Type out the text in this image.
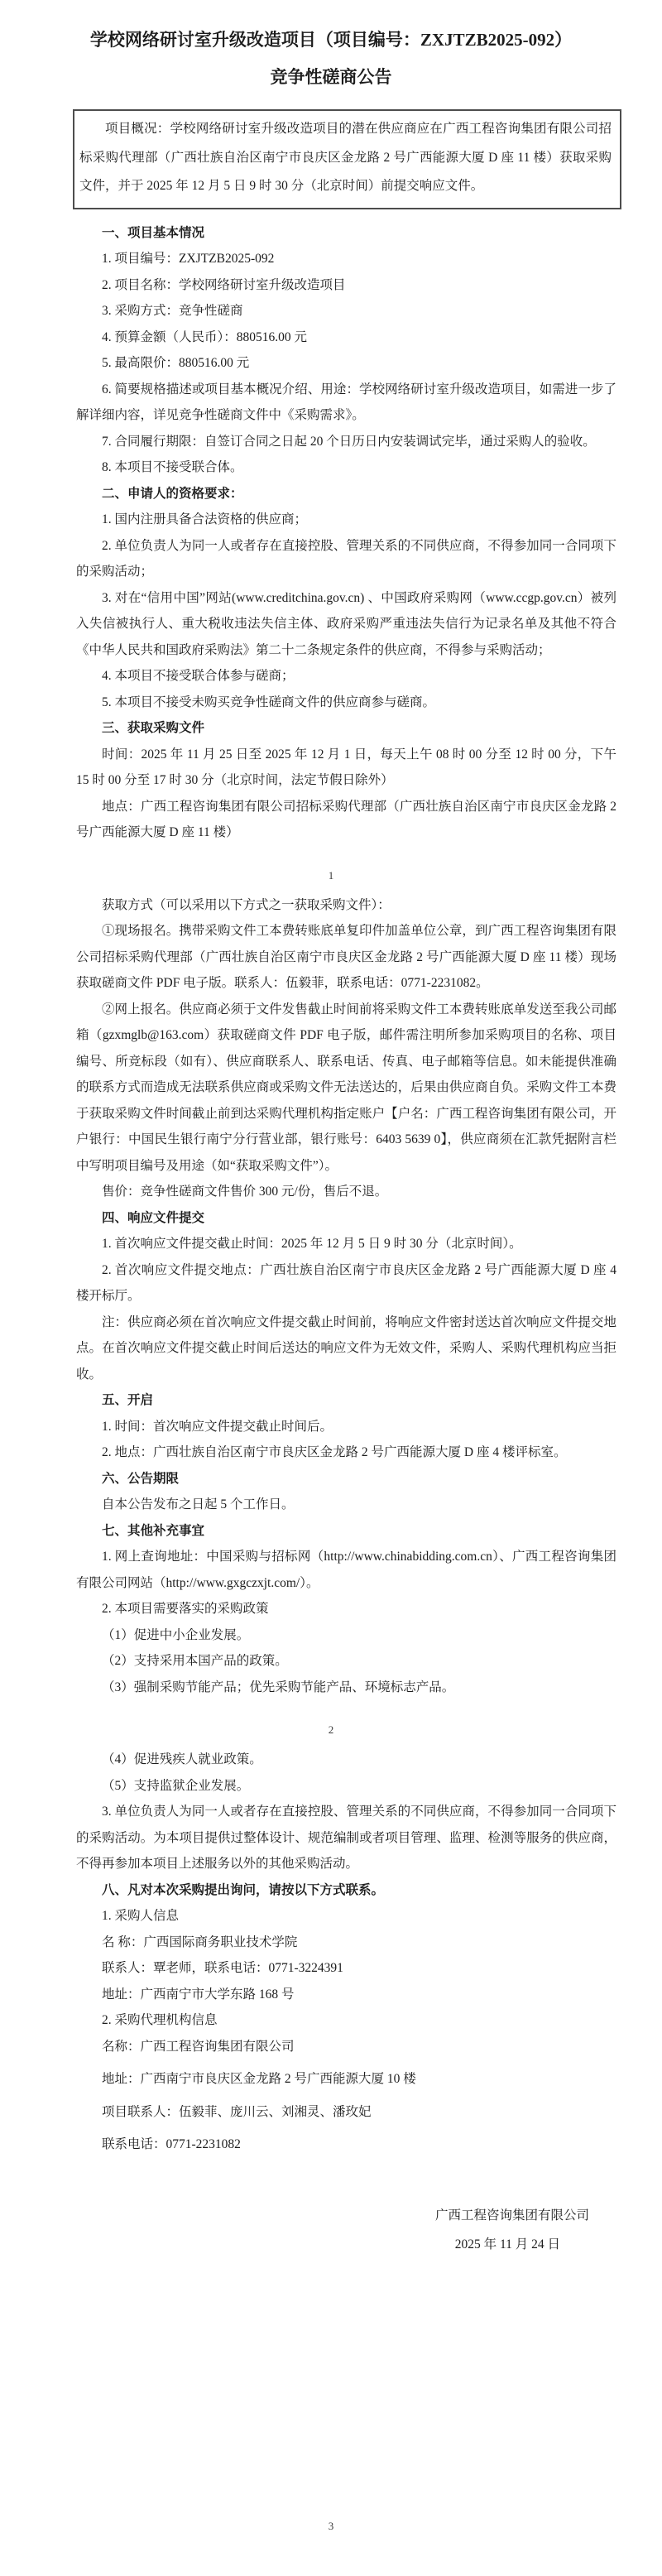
学校网络研讨室升级改造项目（项目编号：ZXJTZB2025-092）
竞争性磋商公告
项目概况：学校网络研讨室升级改造项目的潜在供应商应在广西工程咨询集团有限公司招标采购代理部（广西壮族自治区南宁市良庆区金龙路 2 号广西能源大厦 D 座 11 楼）获取采购文件，并于 2025 年 12 月 5 日 9 时 30 分（北京时间）前提交响应文件。
一、项目基本情况
1. 项目编号：ZXJTZB2025-092
2. 项目名称：学校网络研讨室升级改造项目
3. 采购方式：竞争性磋商
4. 预算金额（人民币）：880516.00 元
5. 最高限价：880516.00 元
6. 简要规格描述或项目基本概况介绍、用途：学校网络研讨室升级改造项目，如需进一步了解详细内容，详见竞争性磋商文件中《采购需求》。
7. 合同履行期限：自签订合同之日起 20 个日历日内安装调试完毕，通过采购人的验收。
8. 本项目不接受联合体。
二、申请人的资格要求：
1. 国内注册具备合法资格的供应商；
2. 单位负责人为同一人或者存在直接控股、管理关系的不同供应商，不得参加同一合同项下的采购活动；
3. 对在“信用中国”网站(www.creditchina.gov.cn) 、中国政府采购网（www.ccgp.gov.cn）被列入失信被执行人、重大税收违法失信主体、政府采购严重违法失信行为记录名单及其他不符合《中华人民共和国政府采购法》第二十二条规定条件的供应商，不得参与采购活动；
4. 本项目不接受联合体参与磋商；
5. 本项目不接受未购买竞争性磋商文件的供应商参与磋商。
三、获取采购文件
时间：2025 年 11 月 25 日至 2025 年 12 月 1 日，每天上午 08 时 00 分至 12 时 00 分，下午 15 时 00 分至 17 时 30 分（北京时间，法定节假日除外）
地点：广西工程咨询集团有限公司招标采购代理部（广西壮族自治区南宁市良庆区金龙路 2 号广西能源大厦 D 座 11 楼）
1
获取方式（可以采用以下方式之一获取采购文件）：
①现场报名。携带采购文件工本费转账底单复印件加盖单位公章，到广西工程咨询集团有限公司招标采购代理部（广西壮族自治区南宁市良庆区金龙路 2 号广西能源大厦 D 座 11 楼）现场获取磋商文件 PDF 电子版。联系人：伍毅菲，联系电话：0771-2231082。
②网上报名。供应商必须于文件发售截止时间前将采购文件工本费转账底单发送至我公司邮箱（gzxmglb@163.com）获取磋商文件 PDF 电子版，邮件需注明所参加采购项目的名称、项目编号、所竞标段（如有）、供应商联系人、联系电话、传真、电子邮箱等信息。如未能提供准确的联系方式而造成无法联系供应商或采购文件无法送达的，后果由供应商自负。采购文件工本费于获取采购文件时间截止前到达采购代理机构指定账户【户名：广西工程咨询集团有限公司，开户银行：中国民生银行南宁分行营业部，银行账号：6403 5639 0】，供应商须在汇款凭据附言栏中写明项目编号及用途（如“获取采购文件”）。
售价：竞争性磋商文件售价 300 元/份，售后不退。
四、响应文件提交
1. 首次响应文件提交截止时间：2025 年 12 月 5 日 9 时 30 分（北京时间）。
2. 首次响应文件提交地点：广西壮族自治区南宁市良庆区金龙路 2 号广西能源大厦 D 座 4 楼开标厅。
注：供应商必须在首次响应文件提交截止时间前，将响应文件密封送达首次响应文件提交地点。在首次响应文件提交截止时间后送达的响应文件为无效文件，采购人、采购代理机构应当拒收。
五、开启
1. 时间：首次响应文件提交截止时间后。
2. 地点：广西壮族自治区南宁市良庆区金龙路 2 号广西能源大厦 D 座 4 楼评标室。
六、公告期限
自本公告发布之日起 5 个工作日。
七、其他补充事宜
1. 网上查询地址：中国采购与招标网（http://www.chinabidding.com.cn）、广西工程咨询集团有限公司网站（http://www.gxgczxjt.com/）。
2. 本项目需要落实的采购政策
（1）促进中小企业发展。
（2）支持采用本国产品的政策。
（3）强制采购节能产品；优先采购节能产品、环境标志产品。
2
（4）促进残疾人就业政策。
（5）支持监狱企业发展。
3. 单位负责人为同一人或者存在直接控股、管理关系的不同供应商，不得参加同一合同项下的采购活动。为本项目提供过整体设计、规范编制或者项目管理、监理、检测等服务的供应商，不得再参加本项目上述服务以外的其他采购活动。
八、凡对本次采购提出询问，请按以下方式联系。
1. 采购人信息
名 称：广西国际商务职业技术学院
联系人：覃老师，联系电话：0771-3224391
地址：广西南宁市大学东路 168 号
2. 采购代理机构信息
名称：广西工程咨询集团有限公司
地址：广西南宁市良庆区金龙路 2 号广西能源大厦 10 楼
项目联系人：伍毅菲、庞川云、刘湘灵、潘玫妃
联系电话：0771-2231082
广西工程咨询集团有限公司
2025 年 11 月 24 日
3
